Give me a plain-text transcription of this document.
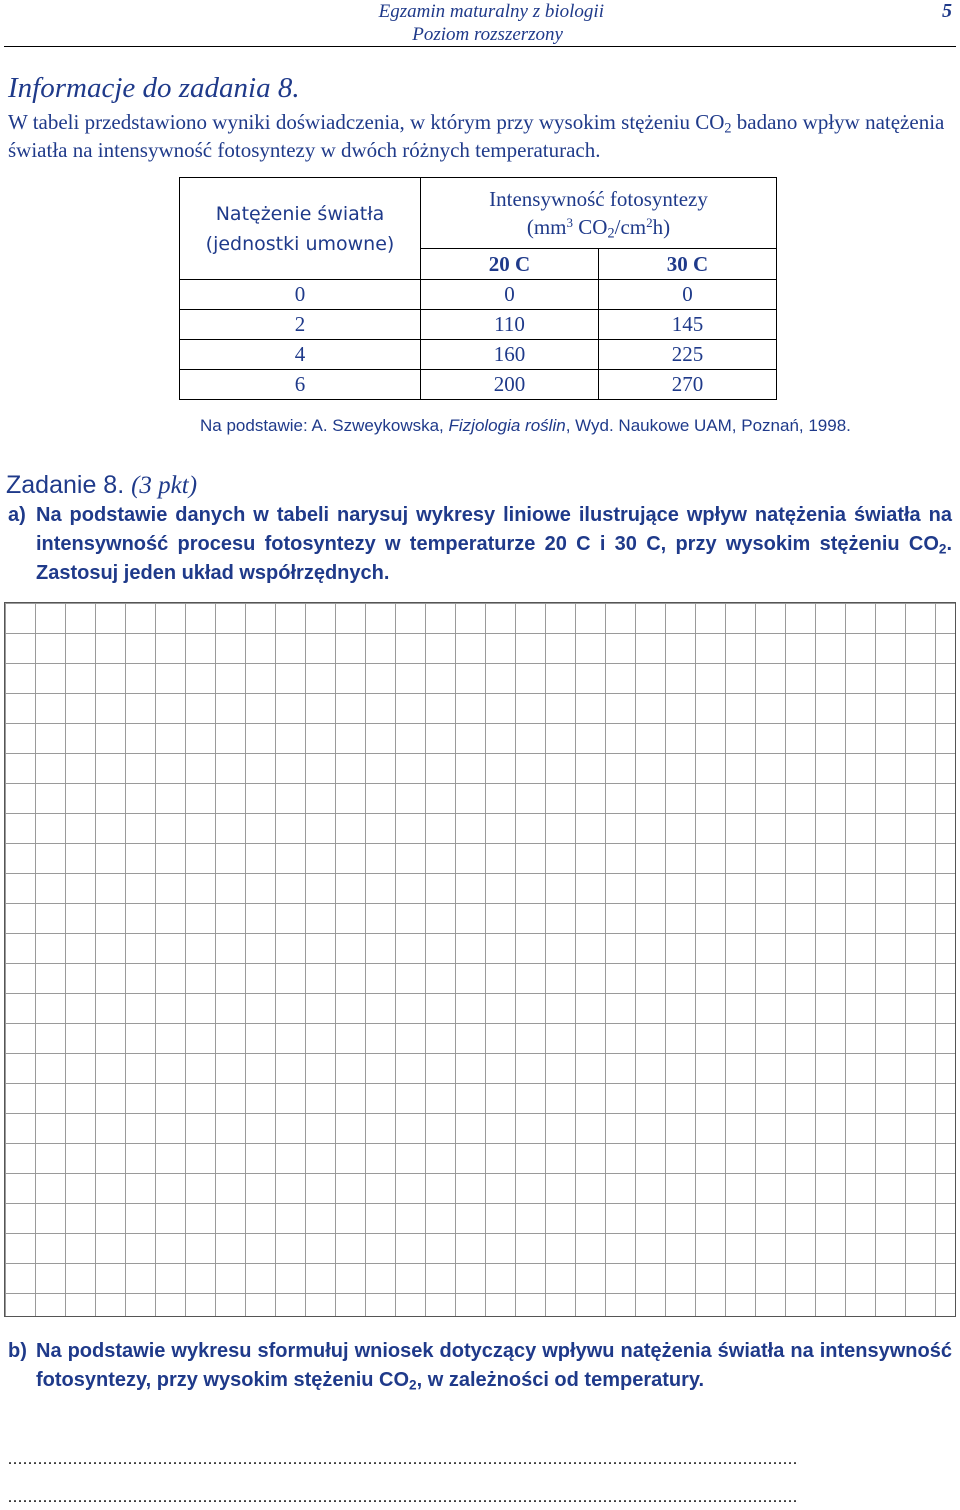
Egzamin maturalny z biologii
Poziom rozszerzony
5
Informacje do zadania 8.
W tabeli przedstawiono wyniki doświadczenia, w którym przy wysokim stężeniu $CO_2$ badano wpływ natężenia światła na intensywność fotosyntezy w dwóch różnych temperaturach.
Natężenie światła
(jednostki umowne)	Intensywność fotosyntezy
($mm^3$ $CO_2/cm^2h$)	
	20 C	30 C
0	0	0
2	110	145
4	160	225
6	200	270
Na podstawie: A. Szweykowska, Fizjologia roślin, Wyd. Naukowe UAM, Poznań, 1998.
Zadanie 8. (3 pkt)
a) Na podstawie danych w tabeli narysuj wykresy liniowe ilustrujące wpływ natężenia światła na intensywność procesu fotosyntezy w temperaturze 20 C i 30 C, przy wysokim stężeniu $CO_2$. Zastosuj jeden układ współrzędnych.
b) Na podstawie wykresu sformułuj wniosek dotyczący wpływu natężenia światła na intensywność fotosyntezy, przy wysokim stężeniu $CO_2$, w zależności od temperatury.
..............................................................................................................................................................
..............................................................................................................................................................
